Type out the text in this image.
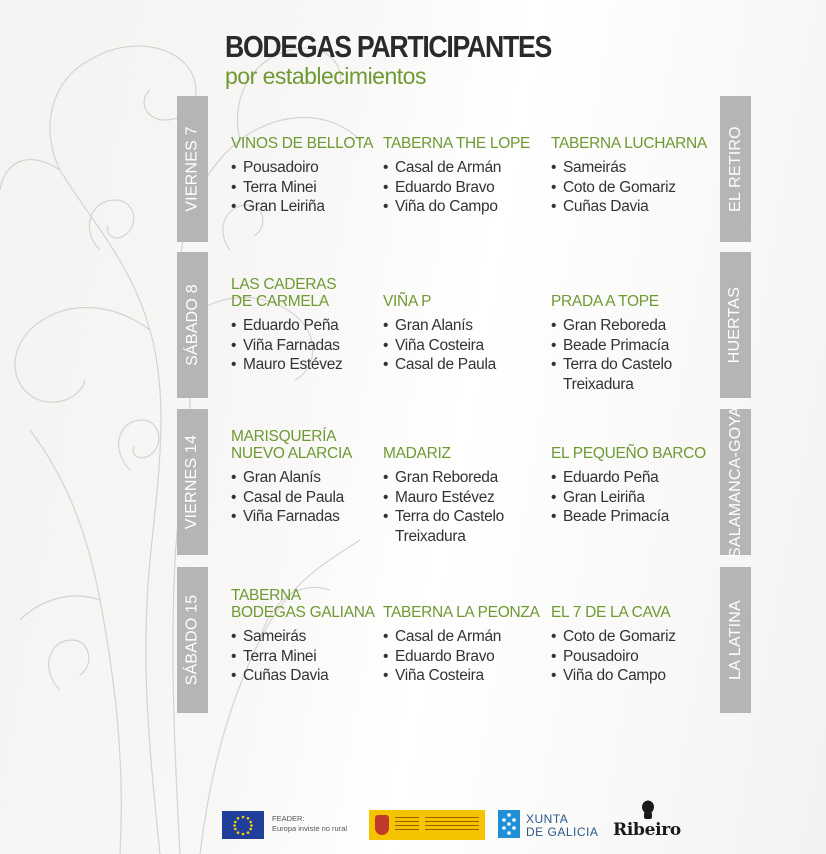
BODEGAS PARTICIPANTES
por establecimientos
VIERNES 7	EL RETIRO
VINOS DE BELLOTA
• Pousadoiro
• Terra Minei
• Gran Leiriña
TABERNA THE LOPE
• Casal de Armán
• Eduardo Bravo
• Viña do Campo
TABERNA LUCHARNA
• Sameirás
• Coto de Gomariz
• Cuñas Davia
SÁBADO 8	HUERTAS
LAS CADERAS
DE CARMELA
• Eduardo Peña
• Viña Farnadas
• Mauro Estévez
VIÑA P
• Gran Alanís
• Viña Costeira
• Casal de Paula
PRADA A TOPE
• Gran Reboreda
• Beade Primacía
• Terra do Castelo
Treixadura
VIERNES 14	SALAMANCA-GOYA
MARISQUERÍA
NUEVO ALARCIA
• Gran Alanís
• Casal de Paula
• Viña Farnadas
MADARIZ
• Gran Reboreda
• Mauro Estévez
• Terra do Castelo
Treixadura
EL PEQUEÑO BARCO
• Eduardo Peña
• Gran Leiriña
• Beade Primacía
SÁBADO 15	LA LATINA
TABERNA
BODEGAS GALIANA
• Sameirás
• Terra Minei
• Cuñas Davia
TABERNA LA PEONZA
• Casal de Armán
• Eduardo Bravo
• Viña Costeira
EL 7 DE LA CAVA
• Coto de Gomariz
• Pousadoiro
• Viña do Campo
FEADER:
Europa inviste no rural
XUNTA
DE GALICIA Ribeiro
